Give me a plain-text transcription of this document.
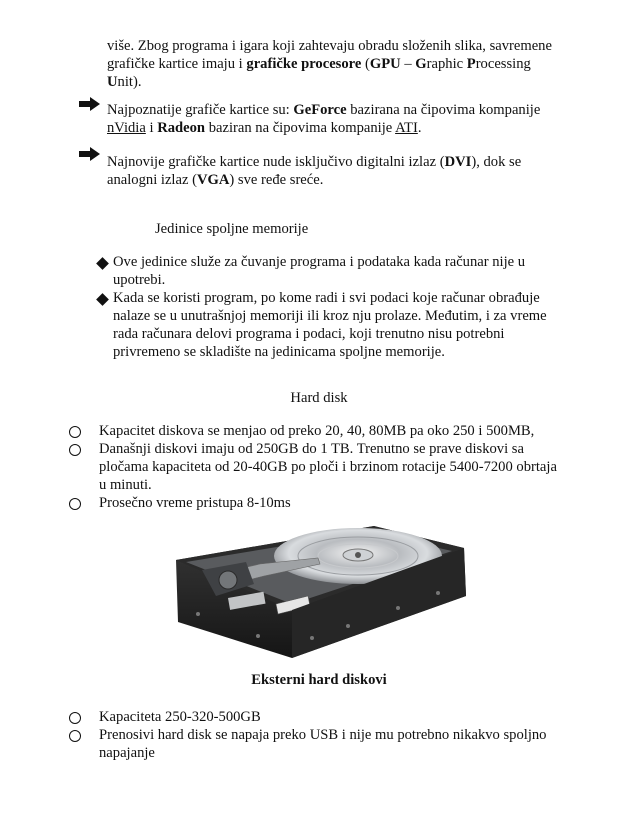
više. Zbog programa i igara koji zahtevaju obradu složenih slika, savremene
grafičke kartice imaju i grafičke procesore (GPU – Graphic Processing
Unit).
Najpoznatije grafiče kartice su: GeForce bazirana na čipovima kompanije
nVidia i Radeon baziran na čipovima kompanije ATI.
Najnovije grafičke kartice nude isključivo digitalni izlaz (DVI), dok se
analogni izlaz (VGA) sve ređe sreće.
Jedinice spoljne memorije
Ove jedinice služe za čuvanje programa i podataka kada računar nije u
upotrebi.
Kada se koristi program, po kome radi i svi podaci koje računar obrađuje
nalaze se u unutrašnjoj memoriji ili kroz nju prolaze. Međutim, i za vreme
rada računara delovi programa i podaci, koji trenutno nisu potrebni
privremeno se skladište na jedinicama spoljne memorije.
Hard disk
Kapacitet diskova se menjao od preko 20, 40, 80MB pa oko 250 i 500MB,
Današnji diskovi imaju od 250GB do 1 TB. Trenutno se prave diskovi sa
pločama kapaciteta od 20-40GB po ploči i brzinom rotacije 5400-7200 obrtaja
u minuti.
Prosečno vreme pristupa 8-10ms
Eksterni hard diskovi
Kapaciteta 250-320-500GB
Prenosivi hard disk se napaja preko USB i nije mu potrebno nikakvo spoljno
napajanje
